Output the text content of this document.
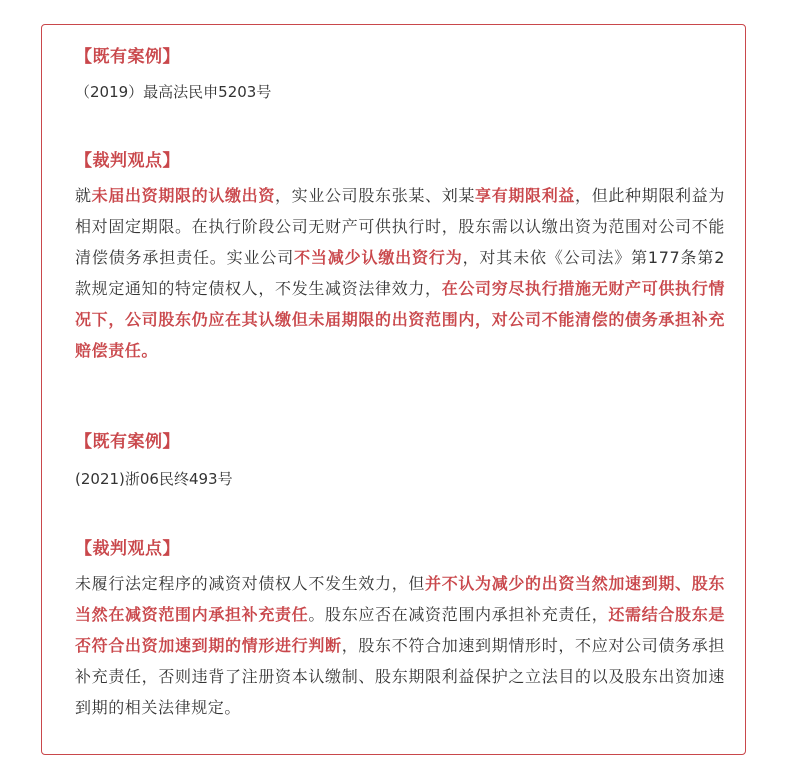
【既有案例】

（2019）最高法民申5203号

【裁判观点】

就未届出资期限的认缴出资，实业公司股东张某、刘某享有期限利益，但此种期限利益为相对固定期限。在执行阶段公司无财产可供执行时，股东需以认缴出资为范围对公司不能清偿债务承担责任。实业公司不当减少认缴出资行为，对其未依《公司法》第177条第2款规定通知的特定债权人，不发生减资法律效力，在公司穷尽执行措施无财产可供执行情况下，公司股东仍应在其认缴但未届期限的出资范围内，对公司不能清偿的债务承担补充赔偿责任。

【既有案例】

(2021)浙06民终493号

【裁判观点】

未履行法定程序的减资对债权人不发生效力，但并不认为减少的出资当然加速到期、股东当然在减资范围内承担补充责任。股东应否在减资范围内承担补充责任，还需结合股东是否符合出资加速到期的情形进行判断，股东不符合加速到期情形时，不应对公司债务承担补充责任，否则违背了注册资本认缴制、股东期限利益保护之立法目的以及股东出资加速到期的相关法律规定。
